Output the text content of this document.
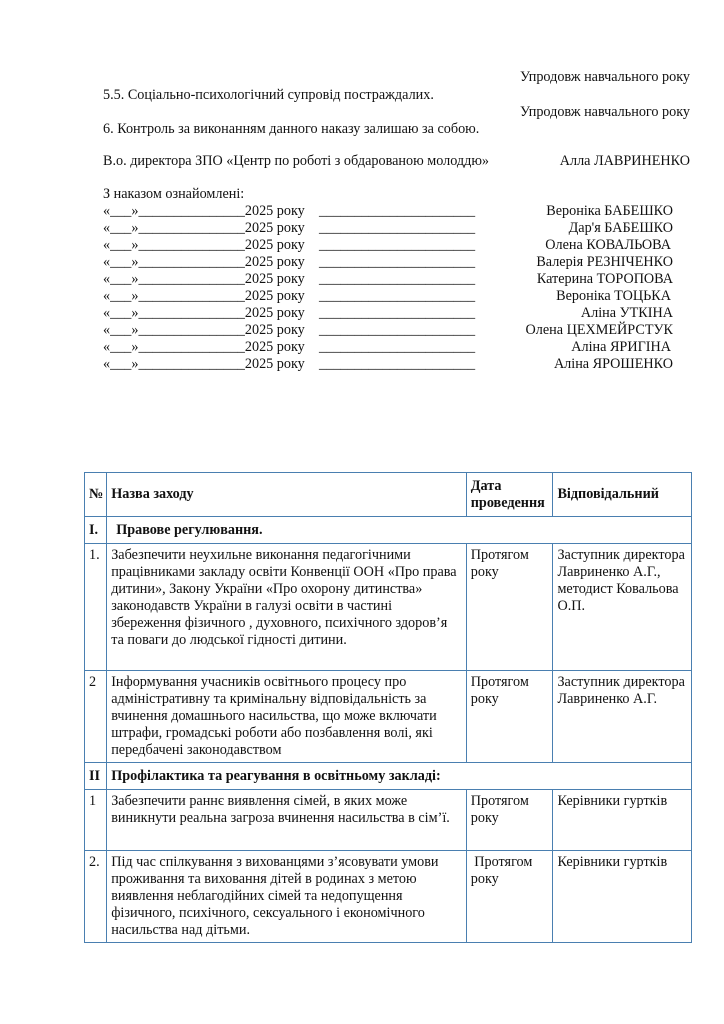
Упродовж навчального року
5.5. Соціально-психологічний супровід постраждалих.
Упродовж навчального року
6. Контроль за виконанням данного наказу залишаю за собою.
В.о. директора ЗПО «Центр по роботі з обдарованою молоддю»	Алла ЛАВРИНЕНКО
З наказом ознайомлені:
«___»_______________2025 року ______________________	Вероніка БАБЕШКО
«___»_______________2025 року ______________________	Дар'я БАБЕШКО
«___»_______________2025 року ______________________	Олена КОВАЛЬОВА
«___»_______________2025 року ______________________	Валерія РЕЗНІЧЕНКО
«___»_______________2025 року ______________________	Катерина ТОРОПОВА
«___»_______________2025 року ______________________	Вероніка ТОЦЬКА
«___»_______________2025 року ______________________	Аліна УТКІНА
«___»_______________2025 року ______________________	Олена ЦЕХМЕЙРСТУК
«___»_______________2025 року ______________________	Аліна ЯРИГІНА
«___»_______________2025 року ______________________	Аліна ЯРОШЕНКО
№	Назва заходу	Дата проведення	Відповідальний
I.	Правове регулювання.		
1.	Забезпечити неухильне виконання педагогічними працівниками закладу освіти Конвенції ООН «Про права дитини», Закону України «Про охорону дитинства» законодавств України в галузі освіти в частині збереження фізичного , духовного, психічного здоров’я та поваги до людської гідності дитини.	Протягом року	Заступник директора Лавриненко А.Г., методист Ковальова О.П.
2	Інформування учасників освітнього процесу про адміністративну та кримінальну відповідальність за вчинення домашнього насильства, що може включати штрафи, громадські роботи або позбавлення волі, які передбачені законодавством	Протягом року	Заступник директора Лавриненко А.Г.
II	Профілактика та реагування в освітньому закладі:		
1	Забезпечити раннє виявлення сімей, в яких може виникнути реальна загроза вчинення насильства в сім’ї.	Протягом року	Керівники гуртків
2.	Під час спілкування з вихованцями з’ясовувати умови проживання та виховання дітей в родинах з метою виявлення неблагодійних сімей та недопущення фізичного, психічного, сексуального і економічного насильства над дітьми.	Протягом року	Керівники гуртків
